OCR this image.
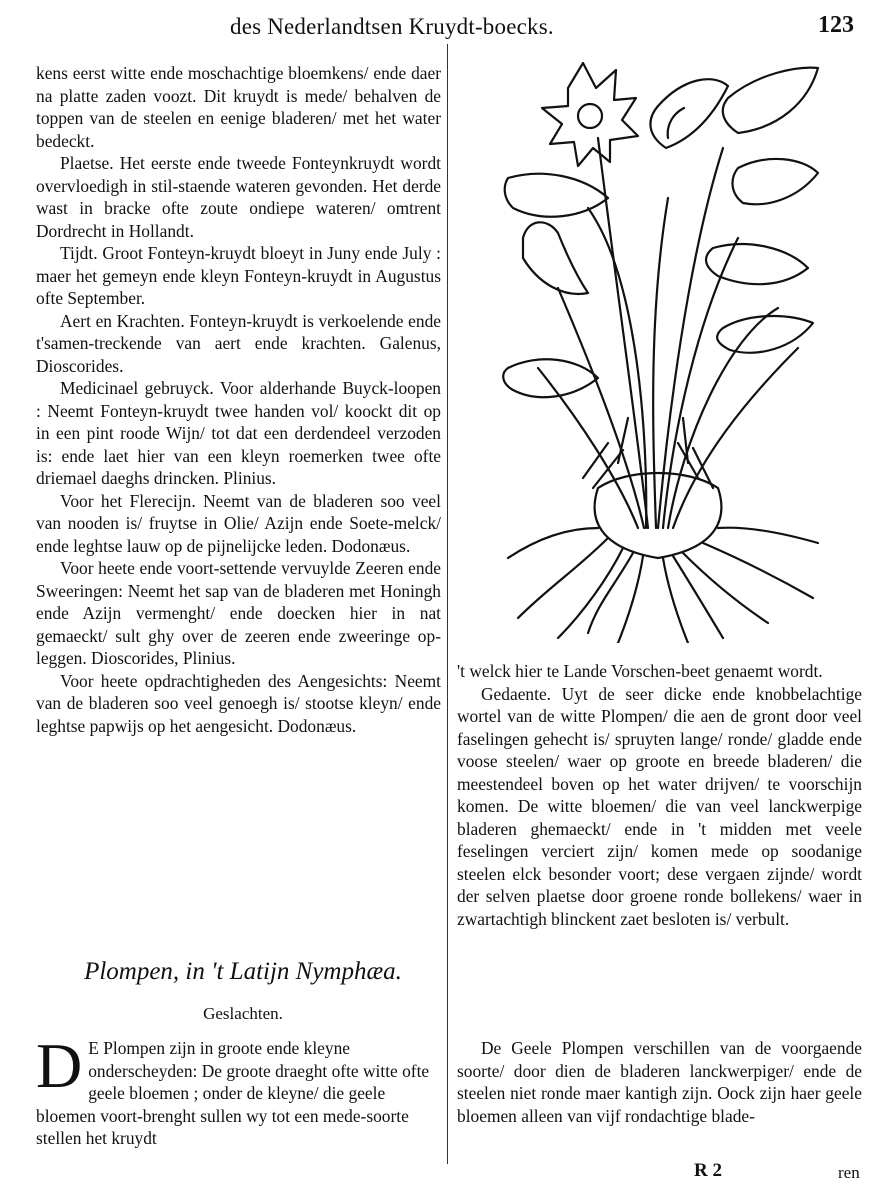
des Nederlandtsen Kruydt-boecks.	123

kens eerst witte ende moschachtige bloemkens/ ende daer na platte zaden voozt. Dit kruydt is mede/ behalven de toppen van de steelen en eenige bladeren/ met het water bedeckt.

Plaetse. Het eerste ende tweede Fonteynkruydt wordt overvloedigh in stil-staende wateren gevonden. Het derde wast in bracke ofte zoute ondiepe wateren/ omtrent Dordrecht in Hollandt.

Tijdt. Groot Fonteyn-kruydt bloeyt in Juny ende July : maer het gemeyn ende kleyn Fonteyn-kruydt in Augustus ofte September.

Aert en Krachten. Fonteyn-kruydt is verkoelende ende t'samen-treckende van aert ende krachten. Galenus, Dioscorides.

Medicinael gebruyck. Voor alderhande Buyck-loopen : Neemt Fonteyn-kruydt twee handen vol/ koockt dit op in een pint roode Wijn/ tot dat een derdendeel verzoden is: ende laet hier van een kleyn roemerken twee ofte driemael daeghs drincken. Plinius.

Voor het Flerecijn. Neemt van de bladeren soo veel van nooden is/ fruytse in Olie/ Azijn ende Soete-melck/ ende leghtse lauw op de pijnelijcke leden. Dodonæus.

Voor heete ende voort-settende vervuylde Zeeren ende Sweeringen: Neemt het sap van de bladeren met Honingh ende Azijn vermenght/ ende doecken hier in nat gemaeckt/ sult ghy over de zeeren ende zweeringe op-leggen. Dioscorides, Plinius.

Voor heete opdrachtigheden des Aengesichts: Neemt van de bladeren soo veel genoegh is/ stootse kleyn/ ende leghtse papwijs op het aengesicht. Dodonæus.

Plompen, in 't Latijn Nymphæa.
Geslachten.
D E Plompen zijn in groote ende kleyne onderscheyden: De groote draeght ofte witte ofte geele bloemen ; onder de kleyne/ die geele bloemen voort-brenght sullen wy tot een mede-soorte stellen het kruydt

't welck hier te Lande Vorschen-beet genaemt wordt.

Gedaente. Uyt de seer dicke ende knobbelachtige wortel van de witte Plompen/ die aen de gront door veel faselingen gehecht is/ spruyten lange/ ronde/ gladde ende voose steelen/ waer op groote en breede bladeren/ die meestendeel boven op het water drijven/ te voorschijn komen. De witte bloemen/ die van veel lanckwerpige bladeren ghemaeckt/ ende in 't midden met veele feselingen verciert zijn/ komen mede op soodanige steelen elck besonder voort; dese vergaen zijnde/ wordt der selven plaetse door groene ronde bollekens/ waer in zwartachtigh blinckent zaet besloten is/ verbult.

De Geele Plompen verschillen van de voorgaende soorte/ door dien de bladeren lanckwerpiger/ ende de steelen niet ronde maer kantigh zijn. Oock zijn haer geele bloemen alleen van vijf rondachtige blade-

R 2	ren
